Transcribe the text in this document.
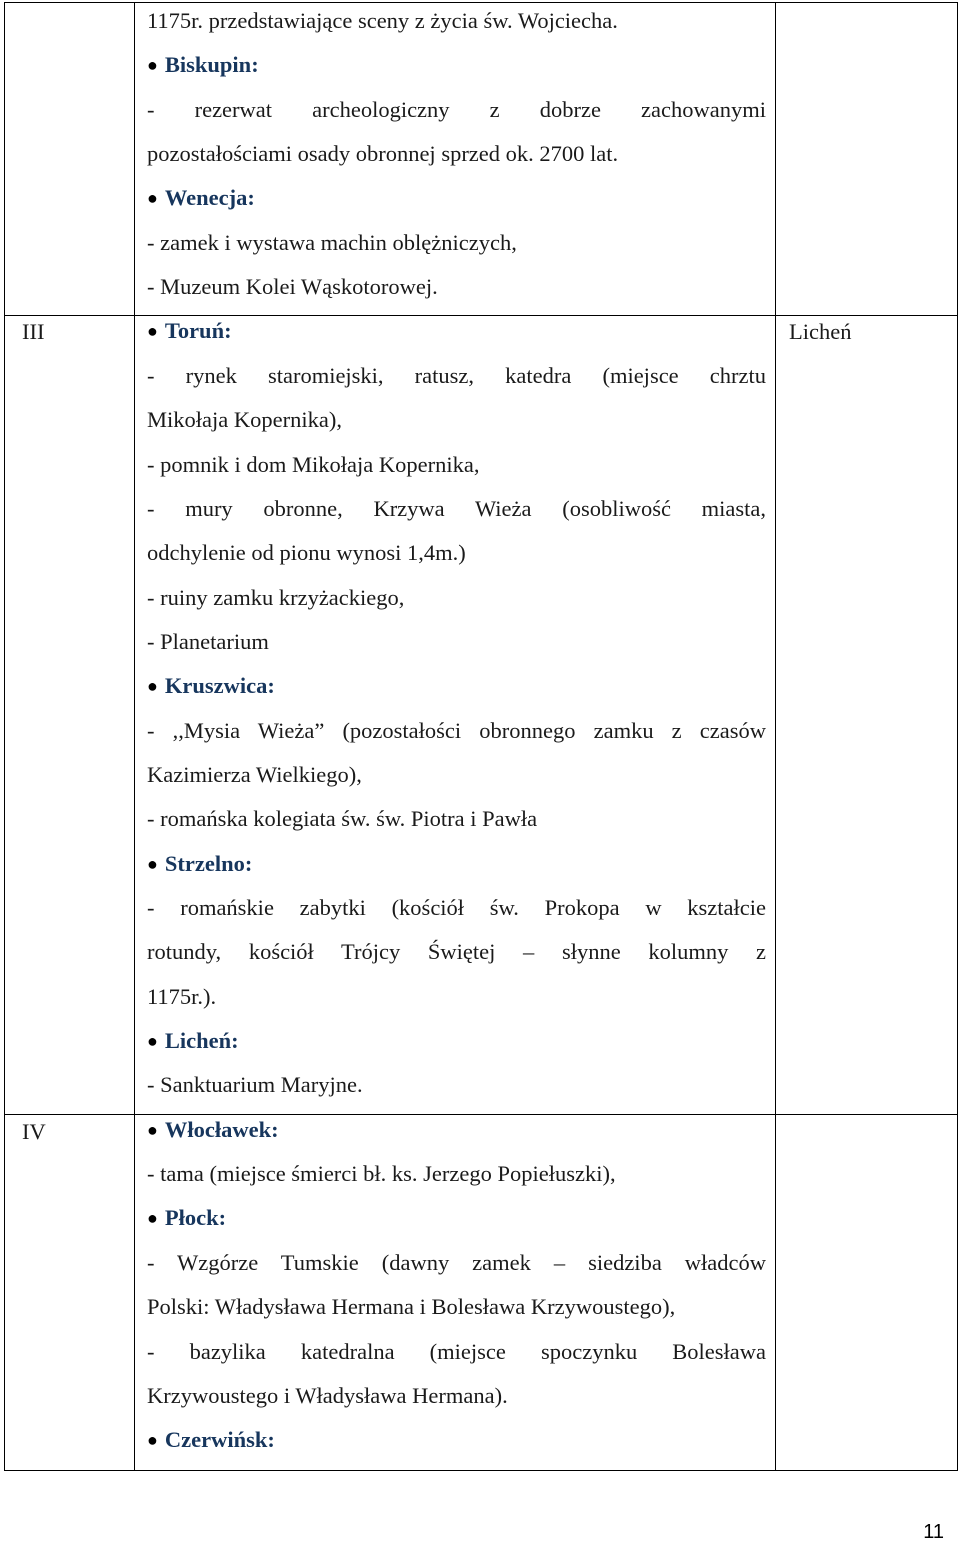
III	Licheń
IV
1175r. przedstawiające sceny z życia św. Wojciecha.
● Biskupin:
- rezerwat archeologiczny z dobrze zachowanymi
pozostałościami osady obronnej sprzed ok. 2700 lat.
● Wenecja:
- zamek i wystawa machin oblężniczych,
- Muzeum Kolei Wąskotorowej.
● Toruń:
- rynek staromiejski, ratusz, katedra (miejsce chrztu
Mikołaja Kopernika),
- pomnik i dom Mikołaja Kopernika,
- mury obronne, Krzywa Wieża (osobliwość miasta,
odchylenie od pionu wynosi 1,4m.)
- ruiny zamku krzyżackiego,
- Planetarium
● Kruszwica:
- ,,Mysia Wieża” (pozostałości obronnego zamku z czasów
Kazimierza Wielkiego),
- romańska kolegiata św. św. Piotra i Pawła
● Strzelno:
- romańskie zabytki (kościół św. Prokopa w kształcie
rotundy, kościół Trójcy Świętej – słynne kolumny z
1175r.).
● Licheń:
- Sanktuarium Maryjne.
● Włocławek:
- tama (miejsce śmierci bł. ks. Jerzego Popiełuszki),
● Płock:
- Wzgórze Tumskie (dawny zamek – siedziba władców
Polski: Władysława Hermana i Bolesława Krzywoustego),
- bazylika katedralna (miejsce spoczynku Bolesława
Krzywoustego i Władysława Hermana).
● Czerwińsk:
11
